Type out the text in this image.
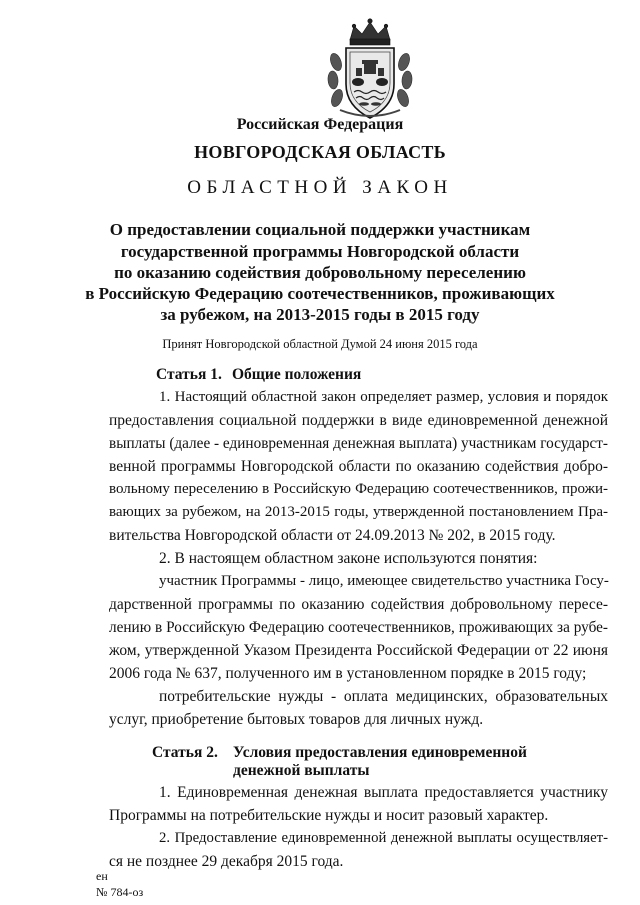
Российская Федерация
НОВГОРОДСКАЯ ОБЛАСТЬ
ОБЛАСТНОЙ ЗАКОН
О предоставлении социальной поддержки участникам
государственной программы Новгородской области
по оказанию содействия добровольному переселению
в Российскую Федерацию соотечественников, проживающих
за рубежом, на 2013-2015 годы в 2015 году
Принят Новгородской областной Думой 24 июня 2015 года
Статья 1. Общие положения
1. Настоящий областной закон определяет размер, условия и порядок
предоставления социальной поддержки в виде единовременной денежной
выплаты (далее - единовременная денежная выплата) участникам государст-
венной программы Новгородской области по оказанию содействия добро-
вольному переселению в Российскую Федерацию соотечественников, прожи-
вающих за рубежом, на 2013-2015 годы, утвержденной постановлением Пра-
вительства Новгородской области от 24.09.2013 № 202, в 2015 году.
2. В настоящем областном законе используются понятия:
участник Программы - лицо, имеющее свидетельство участника Госу-
дарственной программы по оказанию содействия добровольному пересе-
лению в Российскую Федерацию соотечественников, проживающих за рубе-
жом, утвержденной Указом Президента Российской Федерации от 22 июня
2006 года № 637, полученного им в установленном порядке в 2015 году;
потребительские нужды - оплата медицинских, образовательных
услуг, приобретение бытовых товаров для личных нужд.
Статья 2. Условия предоставления единовременной
денежной выплаты
1. Единовременная денежная выплата предоставляется участнику
Программы на потребительские нужды и носит разовый характер.
2. Предоставление единовременной денежной выплаты осуществляет-
ся не позднее 29 декабря 2015 года.
ен
№ 784-оз
